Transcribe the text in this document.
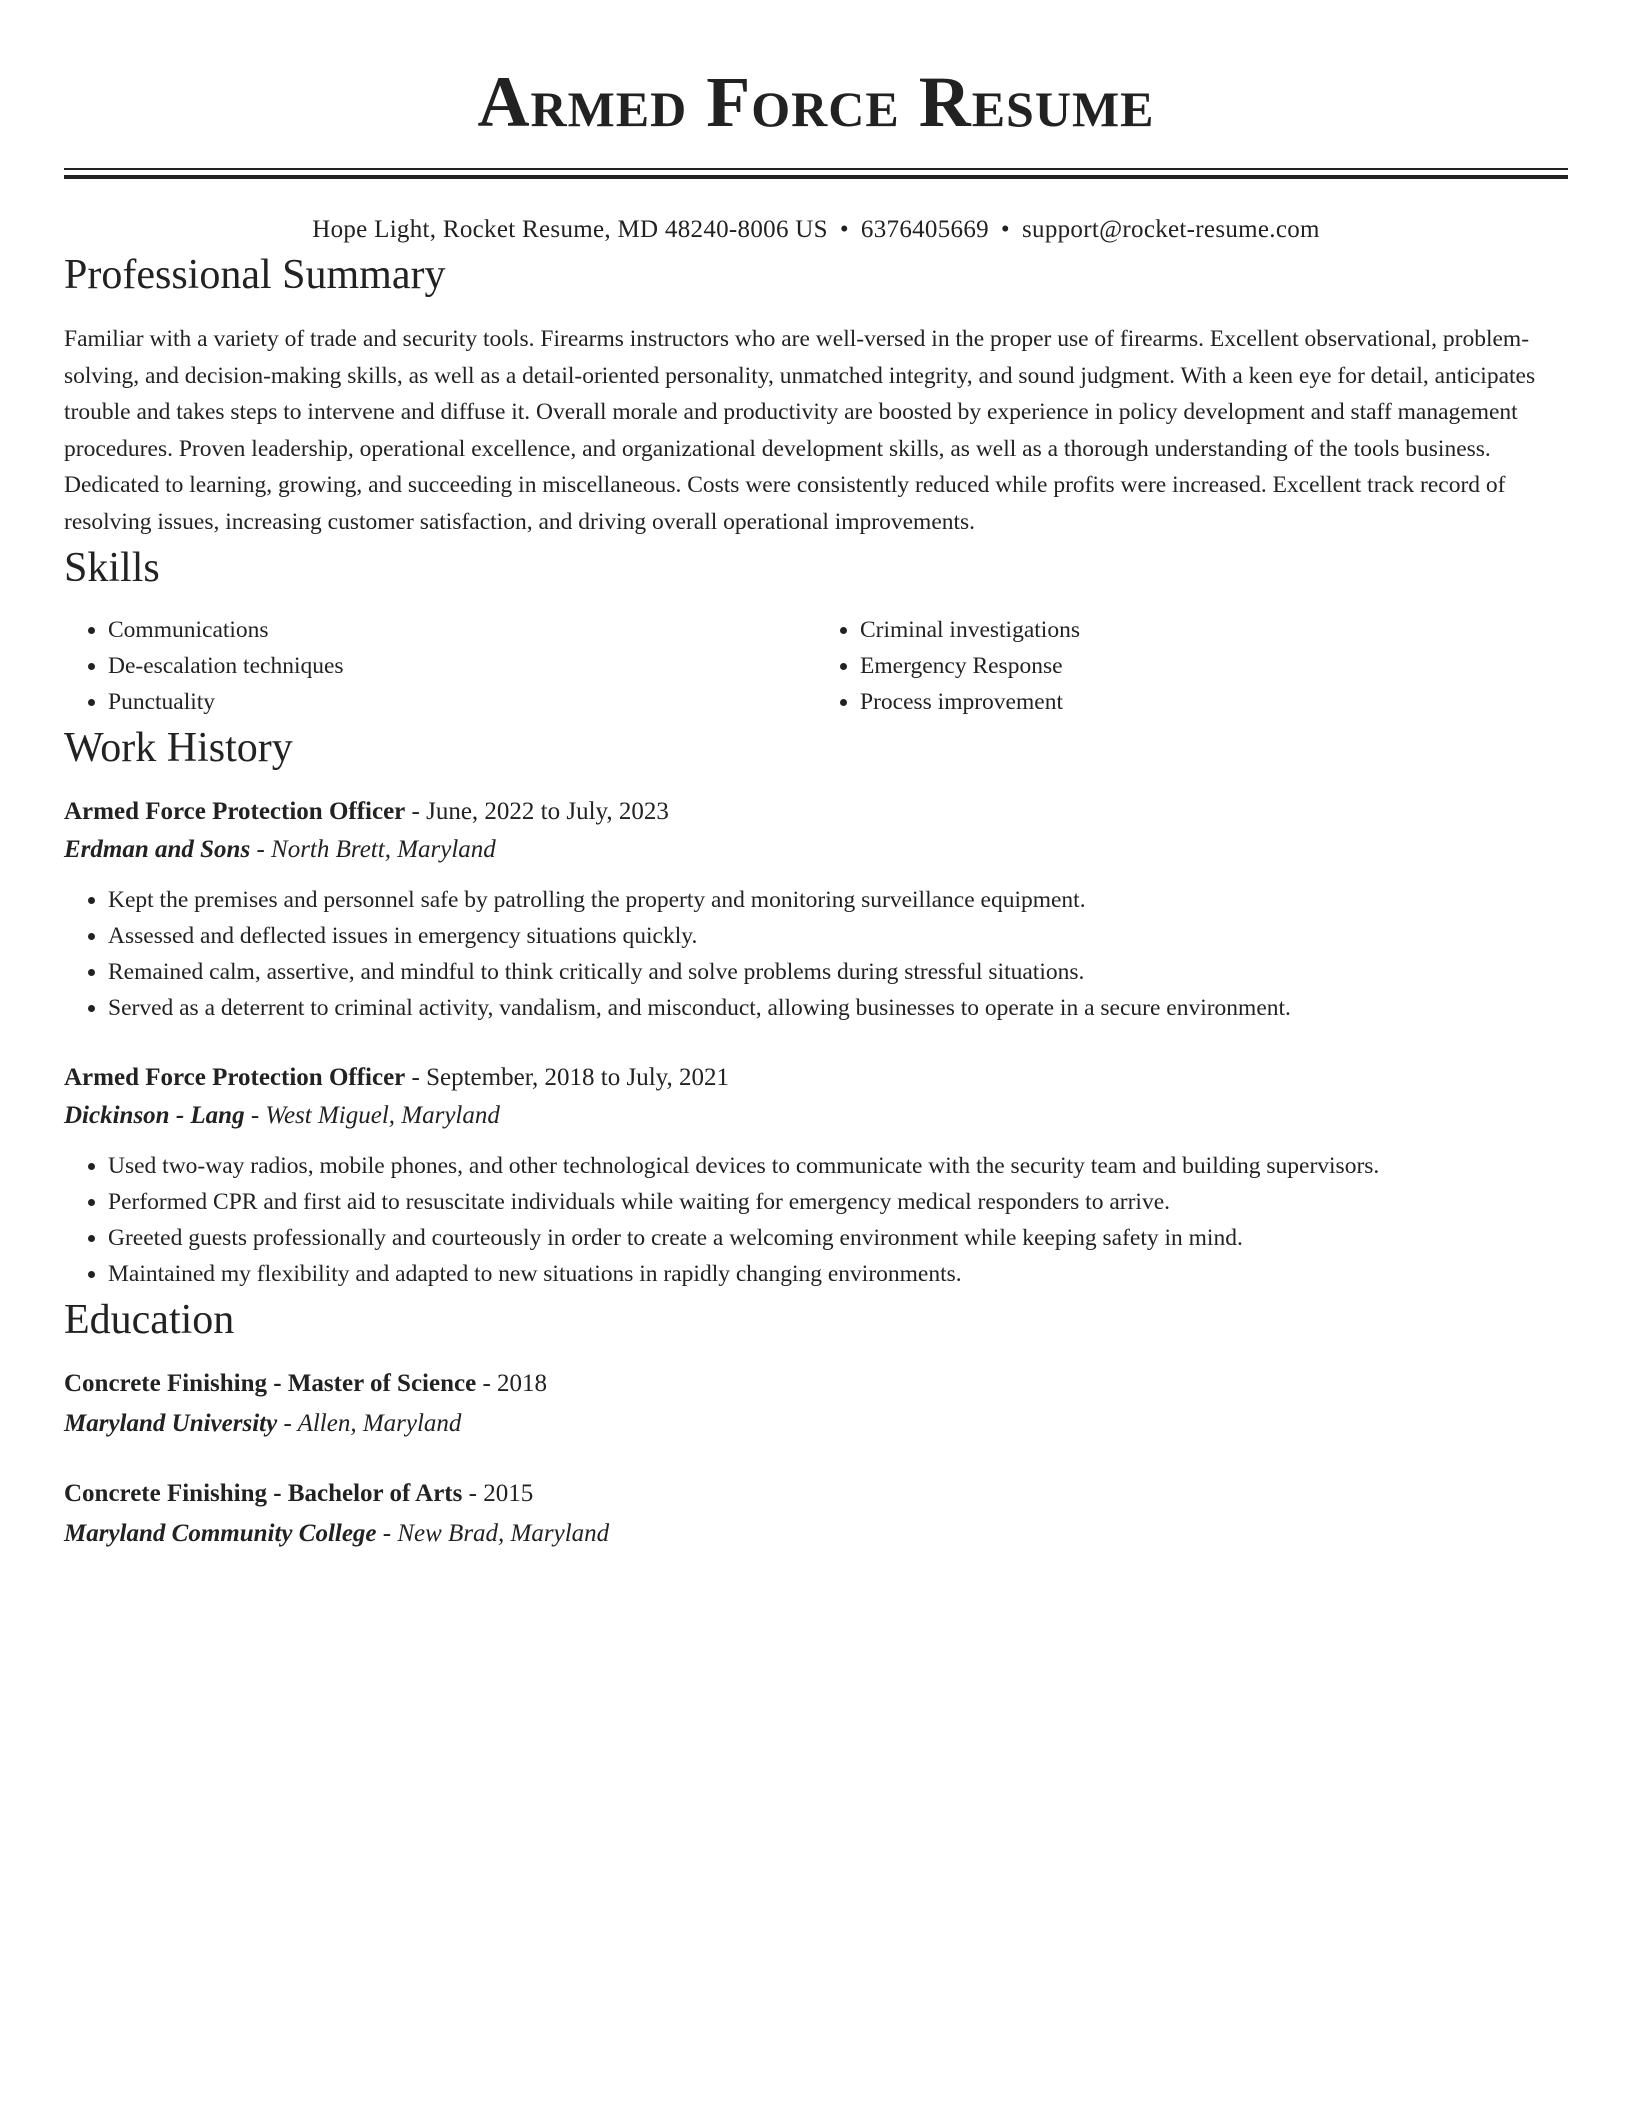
Armed Force Resume
Hope Light, Rocket Resume, MD 48240-8006 US • 6376405669 • support@rocket-resume.com
Professional Summary

Familiar with a variety of trade and security tools. Firearms instructors who are well-versed in the proper use of firearms. Excellent observational, problem-solving, and decision-making skills, as well as a detail-oriented personality, unmatched integrity, and sound judgment. With a keen eye for detail, anticipates trouble and takes steps to intervene and diffuse it. Overall morale and productivity are boosted by experience in policy development and staff management procedures. Proven leadership, operational excellence, and organizational development skills, as well as a thorough understanding of the tools business. Dedicated to learning, growing, and succeeding in miscellaneous. Costs were consistently reduced while profits were increased. Excellent track record of resolving issues, increasing customer satisfaction, and driving overall operational improvements.

Skills
• Communications
• De-escalation techniques
• Punctuality
• Criminal investigations
• Emergency Response
• Process improvement
Work History
Armed Force Protection Officer - June, 2022 to July, 2023
Erdman and Sons - North Brett, Maryland
• Kept the premises and personnel safe by patrolling the property and monitoring surveillance equipment.
• Assessed and deflected issues in emergency situations quickly.
• Remained calm, assertive, and mindful to think critically and solve problems during stressful situations.
• Served as a deterrent to criminal activity, vandalism, and misconduct, allowing businesses to operate in a secure environment.
Armed Force Protection Officer - September, 2018 to July, 2021
Dickinson - Lang - West Miguel, Maryland
• Used two-way radios, mobile phones, and other technological devices to communicate with the security team and building supervisors.
• Performed CPR and first aid to resuscitate individuals while waiting for emergency medical responders to arrive.
• Greeted guests professionally and courteously in order to create a welcoming environment while keeping safety in mind.
• Maintained my flexibility and adapted to new situations in rapidly changing environments.
Education
Concrete Finishing - Master of Science - 2018
Maryland University - Allen, Maryland
Concrete Finishing - Bachelor of Arts - 2015
Maryland Community College - New Brad, Maryland
